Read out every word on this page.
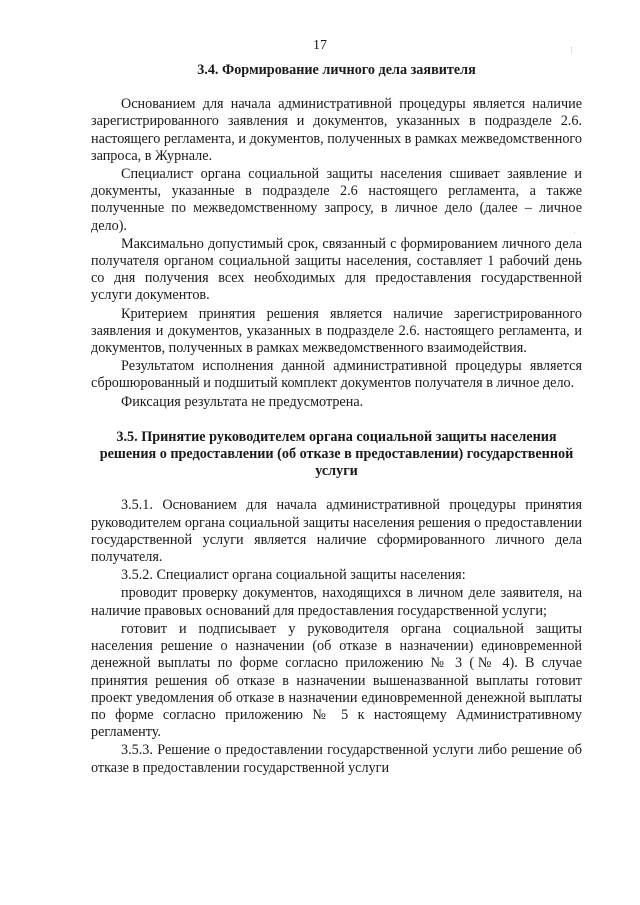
17	⁝
·
3.4. Формирование личного дела заявителя

Основанием для начала административной процедуры является наличие зарегистрированного заявления и документов, указанных в подразделе 2.6. настоящего регламента, и документов, полученных в рамках межведомственного запроса, в Журнале.

Специалист органа социальной защиты населения сшивает заявление и документы, указанные в подразделе 2.6 настоящего регламента, а также полученные по межведомственному запросу, в личное дело (далее – личное дело).

Максимально допустимый срок, связанный с формированием личного дела получателя органом социальной защиты населения, составляет 1 рабочий день со дня получения всех необходимых для предоставления государственной услуги документов.

Критерием принятия решения является наличие зарегистрированного заявления и документов, указанных в подразделе 2.6. настоящего регламента, и документов, полученных в рамках межведомственного взаимодействия.

Результатом исполнения данной административной процедуры является сброшюрованный и подшитый комплект документов получателя в личное дело.

Фиксация результата не предусмотрена.

3.5. Принятие руководителем органа социальной защиты населения решения о предоставлении (об отказе в предоставлении) государственной услуги

3.5.1. Основанием для начала административной процедуры принятия руководителем органа социальной защиты населения решения о предоставлении государственной услуги является наличие сформированного личного дела получателя.

3.5.2. Специалист органа социальной защиты населения:

проводит проверку документов, находящихся в личном деле заявителя, на наличие правовых оснований для предоставления государственной услуги;

готовит и подписывает у руководителя органа социальной защиты населения решение о назначении (об отказе в назначении) единовременной денежной выплаты по форме согласно приложению № 3 (№ 4). В случае принятия решения об отказе в назначении вышеназванной выплаты готовит проект уведомления об отказе в назначении единовременной денежной выплаты по форме согласно приложению № 5 к настоящему Административному регламенту.

3.5.3. Решение о предоставлении государственной услуги либо решение об отказе в предоставлении государственной услуги
